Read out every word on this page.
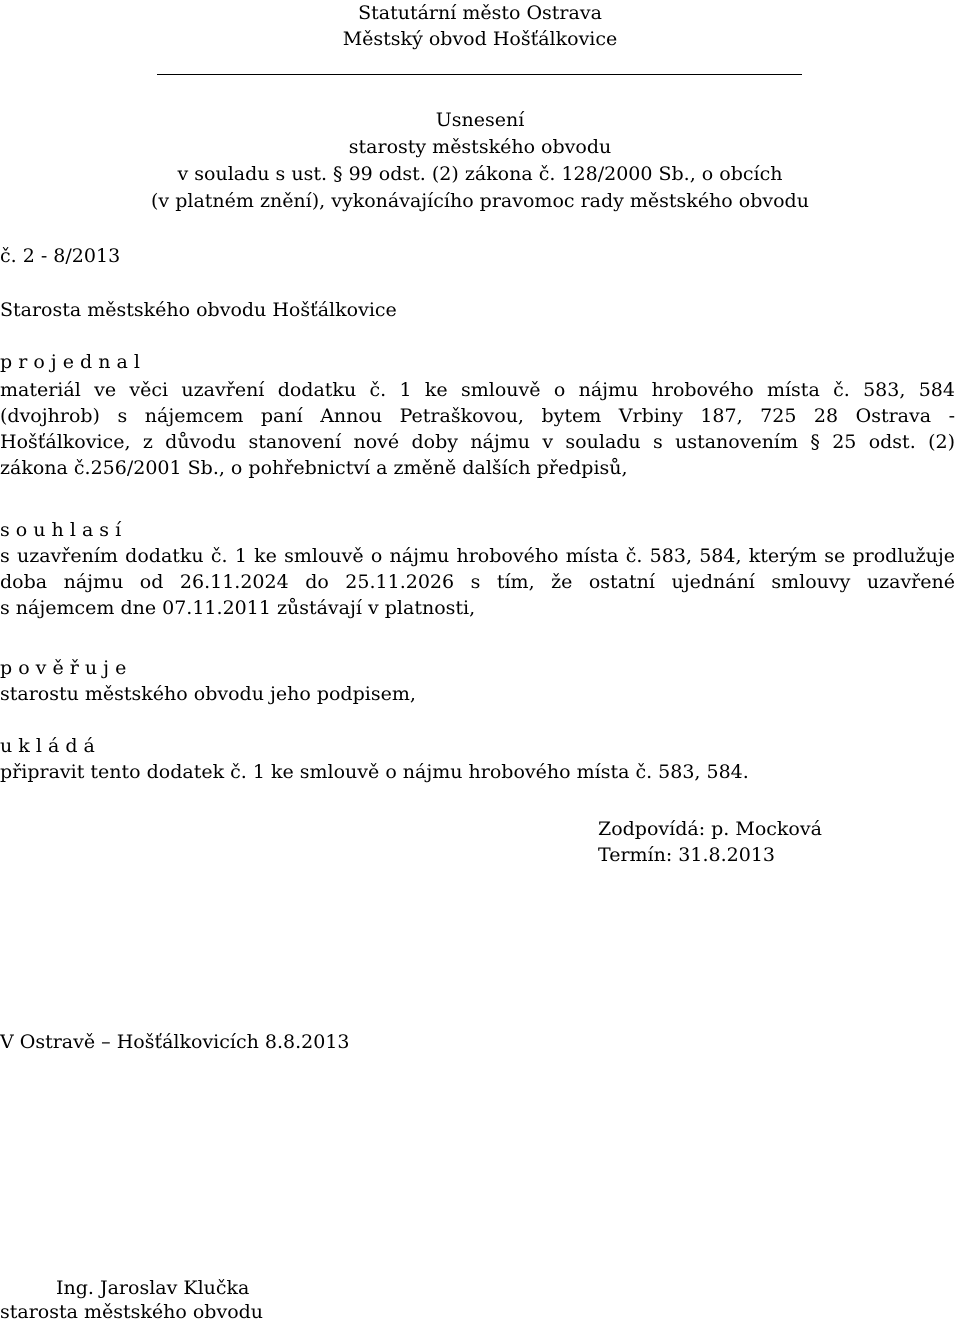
Statutární město Ostrava
Městský obvod Hošťálkovice
Usnesení
starosty městského obvodu
v souladu s ust. § 99 odst. (2) zákona č. 128/2000 Sb., o obcích
(v platném znění), vykonávajícího pravomoc rady městského obvodu
č. 2 - 8/2013
Starosta městského obvodu Hošťálkovice
p r o j e d n a l
materiál ve věci uzavření dodatku č. 1 ke smlouvě o nájmu hrobového místa č. 583, 584
(dvojhrob) s nájemcem paní Annou Petraškovou, bytem Vrbiny 187, 725 28 Ostrava -
Hošťálkovice, z důvodu stanovení nové doby nájmu v souladu s ustanovením § 25 odst. (2)
zákona č.256/2001 Sb., o pohřebnictví a změně dalších předpisů,
s o u h l a s í
s uzavřením dodatku č. 1 ke smlouvě o nájmu hrobového místa č. 583, 584, kterým se prodlužuje
doba nájmu od 26.11.2024 do 25.11.2026 s tím, že ostatní ujednání smlouvy uzavřené
s nájemcem dne 07.11.2011 zůstávají v platnosti,
p o v ě ř u j e
starostu městského obvodu jeho podpisem,
u k l á d á
připravit tento dodatek č. 1 ke smlouvě o nájmu hrobového místa č. 583, 584.
Zodpovídá: p. Mocková
Termín: 31.8.2013
V Ostravě – Hošťálkovicích 8.8.2013
Ing. Jaroslav Klučka
starosta městského obvodu
